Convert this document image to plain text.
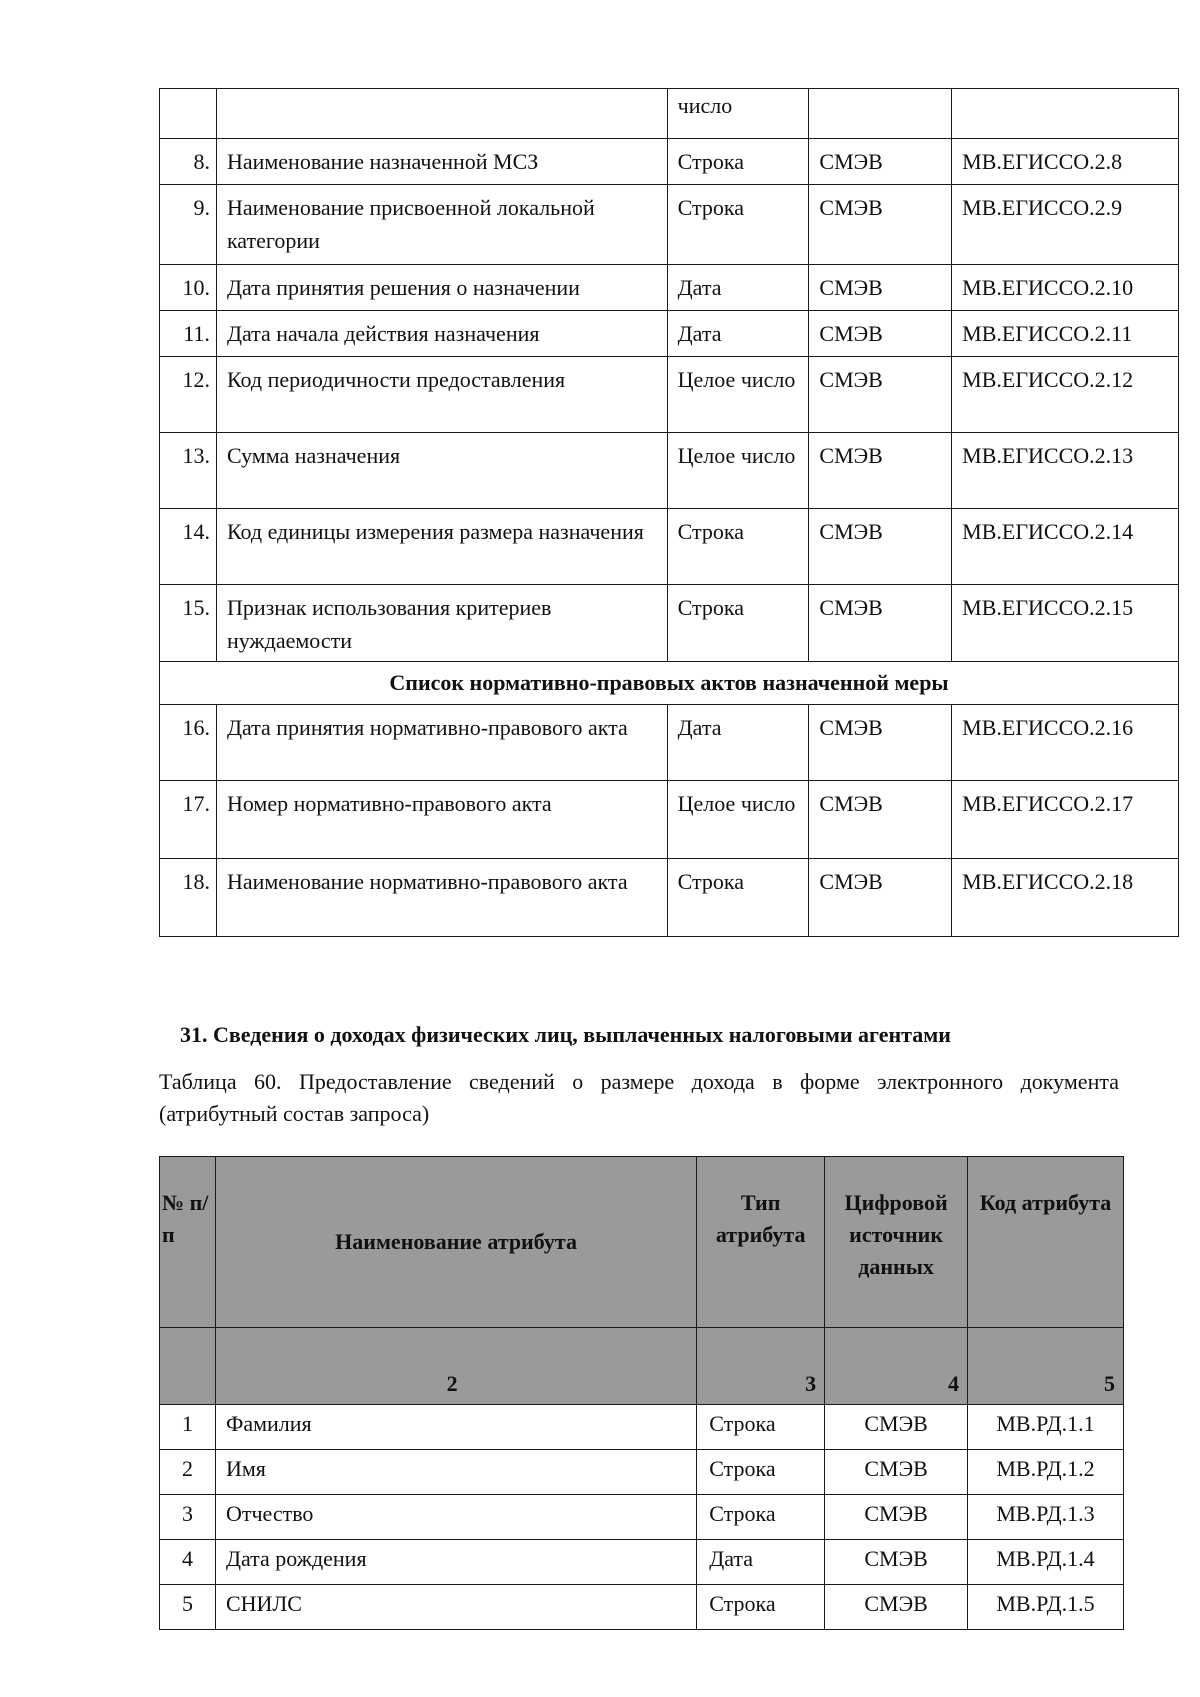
		число		
8.	Наименование назначенной МСЗ	Строка	СМЭВ	МВ.ЕГИССО.2.8
9.	Наименование присвоенной локальной категории	Строка	СМЭВ	МВ.ЕГИССО.2.9
10.	Дата принятия решения о назначении	Дата	СМЭВ	МВ.ЕГИССО.2.10
11.	Дата начала действия назначения	Дата	СМЭВ	МВ.ЕГИССО.2.11
12.	Код периодичности предоставления	Целое число	СМЭВ	МВ.ЕГИССО.2.12
13.	Сумма назначения	Целое число	СМЭВ	МВ.ЕГИССО.2.13
14.	Код единицы измерения размера назначения	Строка	СМЭВ	МВ.ЕГИССО.2.14
15.	Признак использования критериев нуждаемости	Строка	СМЭВ	МВ.ЕГИССО.2.15
Список нормативно-правовых актов назначенной меры				
16.	Дата принятия нормативно-правового акта	Дата	СМЭВ	МВ.ЕГИССО.2.16
17.	Номер нормативно-правового акта	Целое число	СМЭВ	МВ.ЕГИССО.2.17
18.	Наименование нормативно-правового акта	Строка	СМЭВ	МВ.ЕГИССО.2.18

31. Сведения о доходах физических лиц, выплаченных налоговыми агентами

Таблица 60. Предоставление сведений о размере дохода в форме электронного документа (атрибутный состав запроса)

№ п/п	Наименование атрибута	Тип атрибута	Цифровой источник данных	Код атрибута
	2	3	4	5
1	Фамилия	Строка	СМЭВ	МВ.РД.1.1
2	Имя	Строка	СМЭВ	МВ.РД.1.2
3	Отчество	Строка	СМЭВ	МВ.РД.1.3
4	Дата рождения	Дата	СМЭВ	МВ.РД.1.4
5	СНИЛС	Строка	СМЭВ	МВ.РД.1.5
